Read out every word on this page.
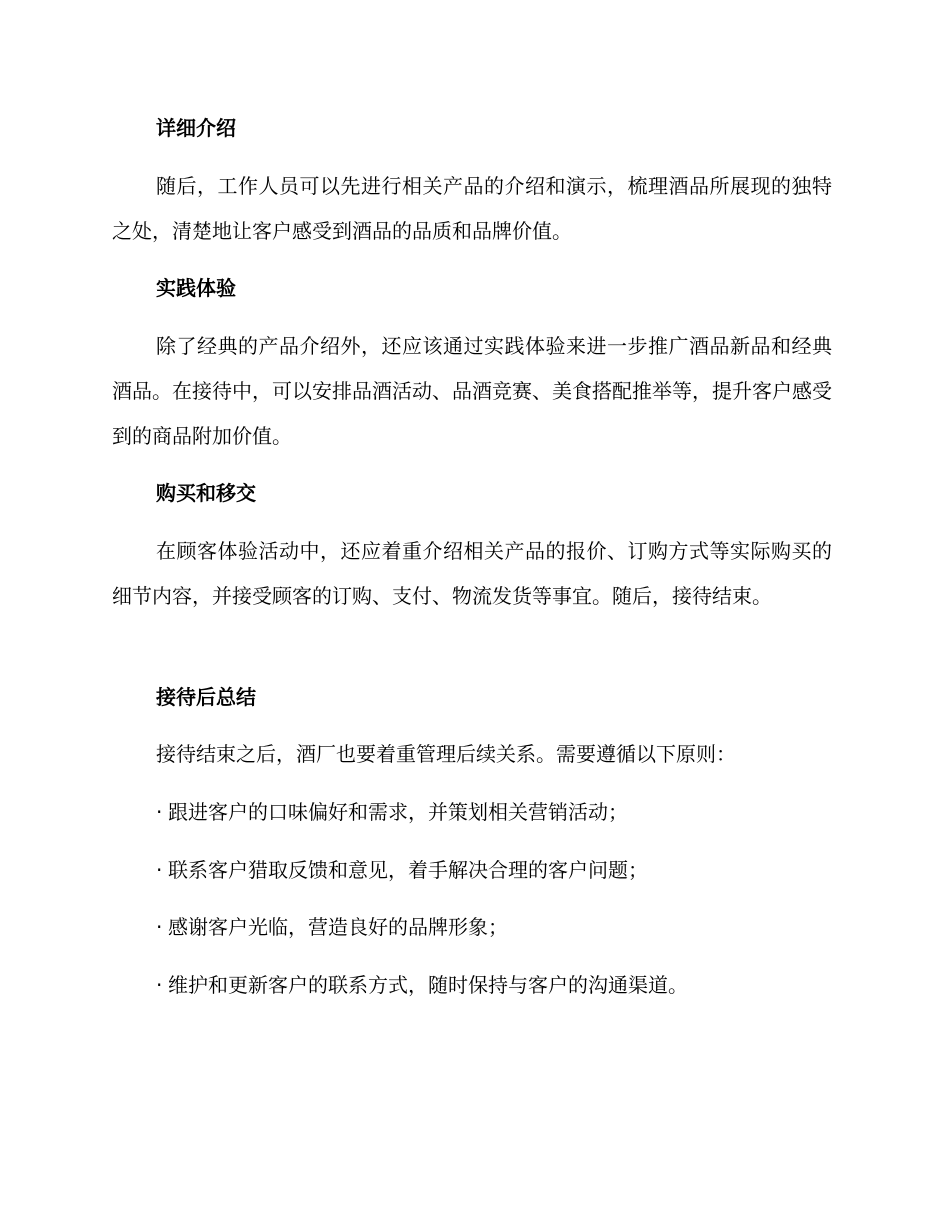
详细介绍
随后，工作人员可以先进行相关产品的介绍和演示，梳理酒品所展现的独特之处，清楚地让客户感受到酒品的品质和品牌价值。
实践体验
除了经典的产品介绍外，还应该通过实践体验来进一步推广酒品新品和经典酒品。在接待中，可以安排品酒活动、品酒竞赛、美食搭配推举等，提升客户感受到的商品附加价值。
购买和移交
在顾客体验活动中，还应着重介绍相关产品的报价、订购方式等实际购买的细节内容，并接受顾客的订购、支付、物流发货等事宜。随后，接待结束。
接待后总结
接待结束之后，酒厂也要着重管理后续关系。需要遵循以下原则：
· 跟进客户的口味偏好和需求，并策划相关营销活动；
· 联系客户猎取反馈和意见，着手解决合理的客户问题；
· 感谢客户光临，营造良好的品牌形象；
· 维护和更新客户的联系方式，随时保持与客户的沟通渠道。
